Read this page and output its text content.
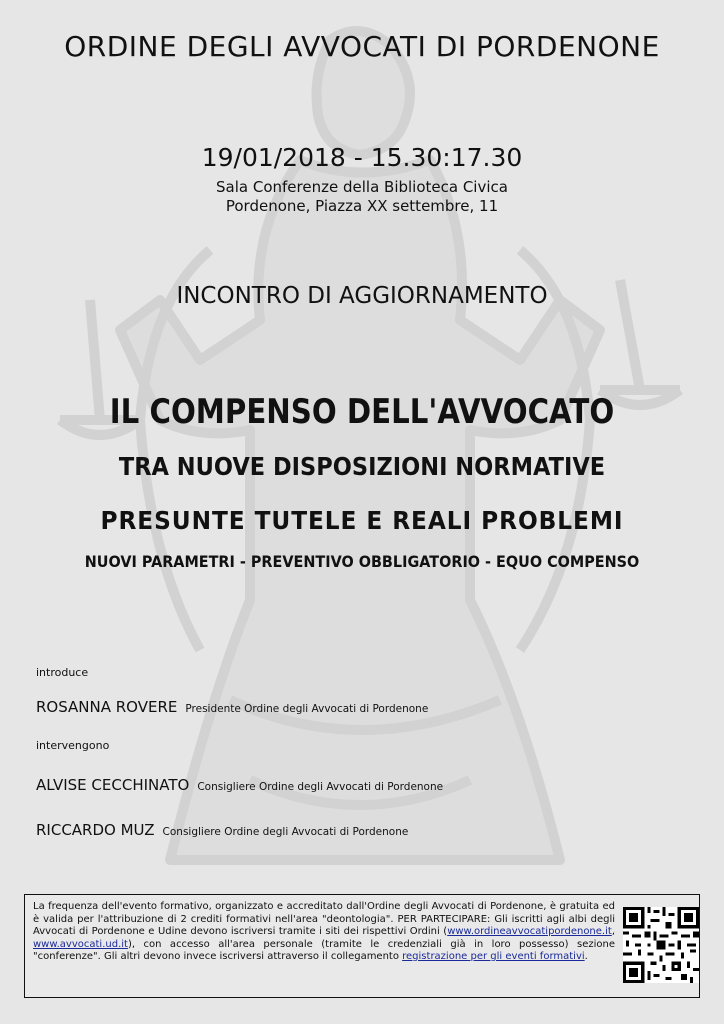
ORDINE DEGLI AVVOCATI DI PORDENONE
19/01/2018 - 15.30:17.30
Sala Conferenze della Biblioteca Civica
Pordenone, Piazza XX settembre, 11
INCONTRO DI AGGIORNAMENTO
IL COMPENSO DELL'AVVOCATO
TRA NUOVE DISPOSIZIONI NORMATIVE
PRESUNTE TUTELE E REALI PROBLEMI
NUOVI PARAMETRI - PREVENTIVO OBBLIGATORIO - EQUO COMPENSO
introduce
ROSANNA ROVERE Presidente Ordine degli Avvocati di Pordenone
intervengono
ALVISE CECCHINATO Consigliere Ordine degli Avvocati di Pordenone
RICCARDO MUZ Consigliere Ordine degli Avvocati di Pordenone
La frequenza dell'evento formativo, organizzato e accreditato dall'Ordine degli Avvocati di Pordenone, è gratuita ed è valida per l'attribuzione di 2 crediti formativi nell'area "deontologia". PER PARTECIPARE: Gli iscritti agli albi degli Avvocati di Pordenone e Udine devono iscriversi tramite i siti dei rispettivi Ordini (www.ordineavvocatipordenone.it, www.avvocati.ud.it), con accesso all'area personale (tramite le credenziali già in loro possesso) sezione "conferenze". Gli altri devono invece iscriversi attraverso il collegamento registrazione per gli eventi formativi.
